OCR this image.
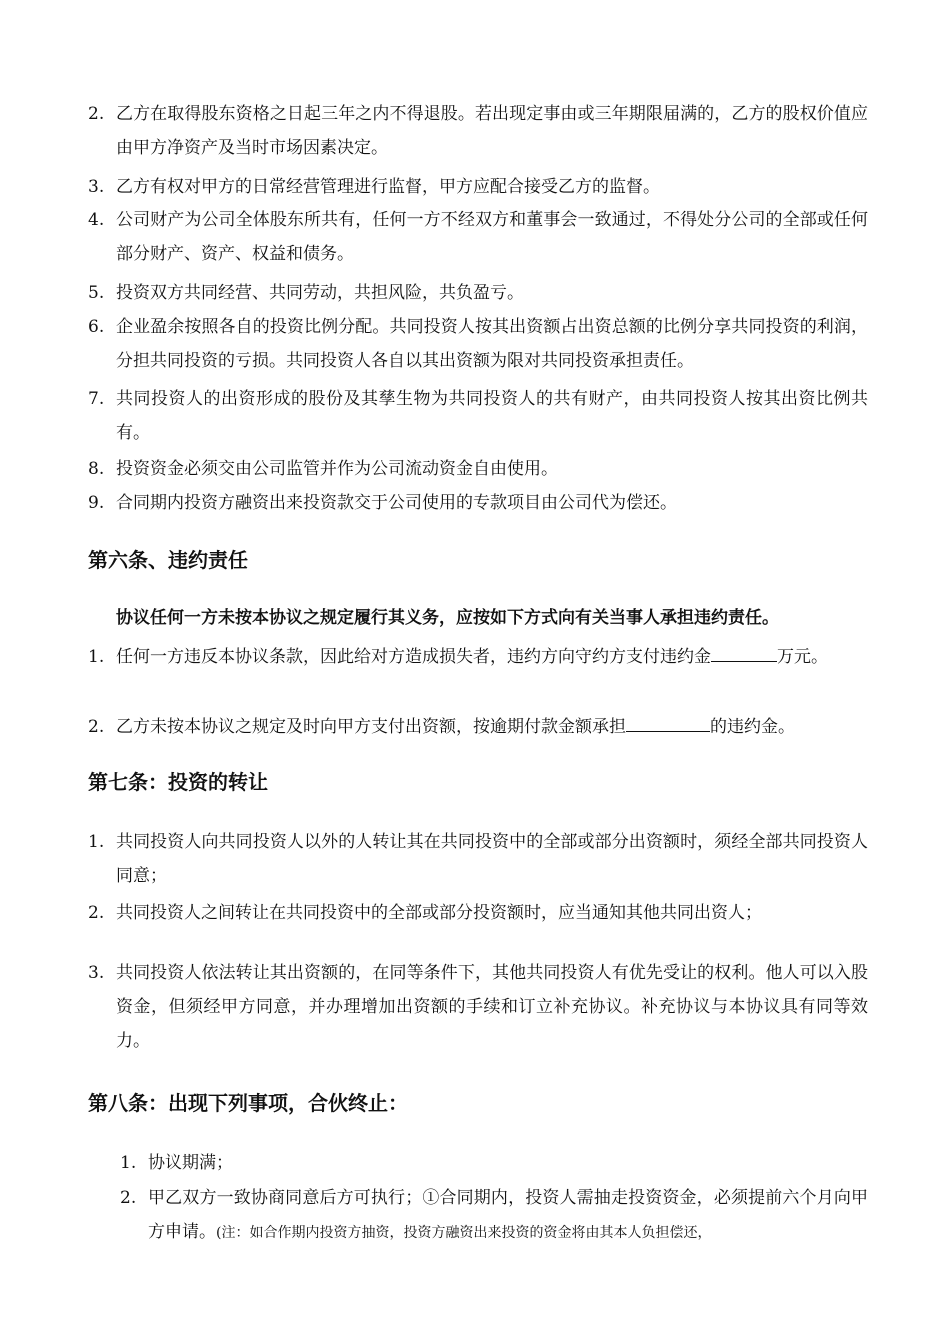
2. 乙方在取得股东资格之日起三年之内不得退股。若出现定事由或三年期限届满的，乙方的股权价值应由甲方净资产及当时市场因素决定。
3. 乙方有权对甲方的日常经营管理进行监督，甲方应配合接受乙方的监督。
4. 公司财产为公司全体股东所共有，任何一方不经双方和董事会一致通过，不得处分公司的全部或任何部分财产、资产、权益和债务。
5. 投资双方共同经营、共同劳动，共担风险，共负盈亏。
6. 企业盈余按照各自的投资比例分配。共同投资人按其出资额占出资总额的比例分享共同投资的利润，分担共同投资的亏损。共同投资人各自以其出资额为限对共同投资承担责任。
7. 共同投资人的出资形成的股份及其孳生物为共同投资人的共有财产，由共同投资人按其出资比例共有。
8. 投资资金必须交由公司监管并作为公司流动资金自由使用。
9. 合同期内投资方融资出来投资款交于公司使用的专款项目由公司代为偿还。
第六条、违约责任
协议任何一方未按本协议之规定履行其义务，应按如下方式向有关当事人承担违约责任。
1. 任何一方违反本协议条款，因此给对方造成损失者，违约方向守约方支付违约金	万元。
2. 乙方未按本协议之规定及时向甲方支付出资额，按逾期付款金额承担	的违约金。
第七条：投资的转让
1. 共同投资人向共同投资人以外的人转让其在共同投资中的全部或部分出资额时，须经全部共同投资人同意；
2. 共同投资人之间转让在共同投资中的全部或部分投资额时，应当通知其他共同出资人；
3. 共同投资人依法转让其出资额的，在同等条件下，其他共同投资人有优先受让的权利。他人可以入股资金，但须经甲方同意，并办理增加出资额的手续和订立补充协议。补充协议与本协议具有同等效力。
第八条：出现下列事项，合伙终止：
1. 协议期满；
2. 甲乙双方一致协商同意后方可执行；①合同期内，投资人需抽走投资资金，必须提前六个月向甲方申请。(注：如合作期内投资方抽资，投资方融资出来投资的资金将由其本人负担偿还，
